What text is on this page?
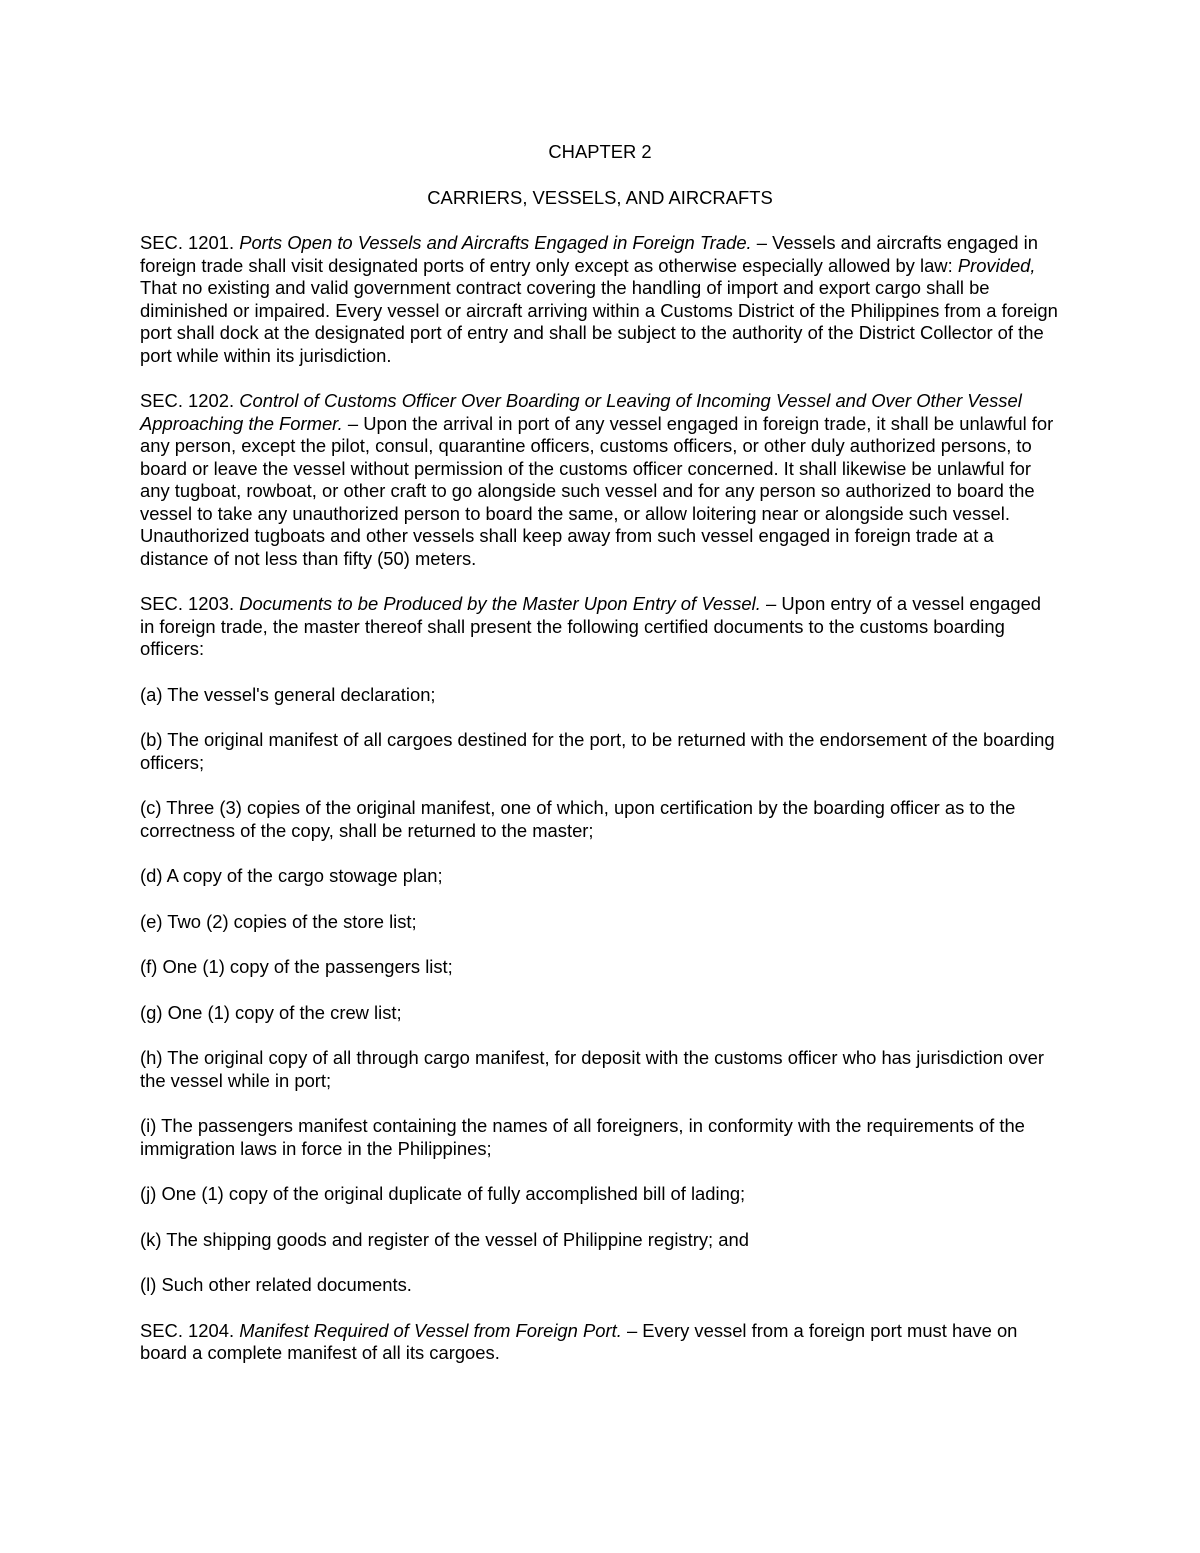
CHAPTER 2

CARRIERS, VESSELS, AND AIRCRAFTS

SEC. 1201. Ports Open to Vessels and Aircrafts Engaged in Foreign Trade. – Vessels and aircrafts engaged in foreign trade shall visit designated ports of entry only except as otherwise especially allowed by law: Provided, That no existing and valid government contract covering the handling of import and export cargo shall be diminished or impaired. Every vessel or aircraft arriving within a Customs District of the Philippines from a foreign port shall dock at the designated port of entry and shall be subject to the authority of the District Collector of the port while within its jurisdiction.

SEC. 1202. Control of Customs Officer Over Boarding or Leaving of Incoming Vessel and Over Other Vessel Approaching the Former. – Upon the arrival in port of any vessel engaged in foreign trade, it shall be unlawful for any person, except the pilot, consul, quarantine officers, customs officers, or other duly authorized persons, to board or leave the vessel without permission of the customs officer concerned. It shall likewise be unlawful for any tugboat, rowboat, or other craft to go alongside such vessel and for any person so authorized to board the vessel to take any unauthorized person to board the same, or allow loitering near or alongside such vessel. Unauthorized tugboats and other vessels shall keep away from such vessel engaged in foreign trade at a distance of not less than fifty (50) meters.

SEC. 1203. Documents to be Produced by the Master Upon Entry of Vessel. – Upon entry of a vessel engaged in foreign trade, the master thereof shall present the following certified documents to the customs boarding officers:

(a) The vessel's general declaration;

(b) The original manifest of all cargoes destined for the port, to be returned with the endorsement of the boarding officers;

(c) Three (3) copies of the original manifest, one of which, upon certification by the boarding officer as to the correctness of the copy, shall be returned to the master;

(d) A copy of the cargo stowage plan;

(e) Two (2) copies of the store list;

(f) One (1) copy of the passengers list;

(g) One (1) copy of the crew list;

(h) The original copy of all through cargo manifest, for deposit with the customs officer who has jurisdiction over the vessel while in port;

(i) The passengers manifest containing the names of all foreigners, in conformity with the requirements of the immigration laws in force in the Philippines;

(j) One (1) copy of the original duplicate of fully accomplished bill of lading;

(k) The shipping goods and register of the vessel of Philippine registry; and

(l) Such other related documents.

SEC. 1204. Manifest Required of Vessel from Foreign Port. – Every vessel from a foreign port must have on board a complete manifest of all its cargoes.
